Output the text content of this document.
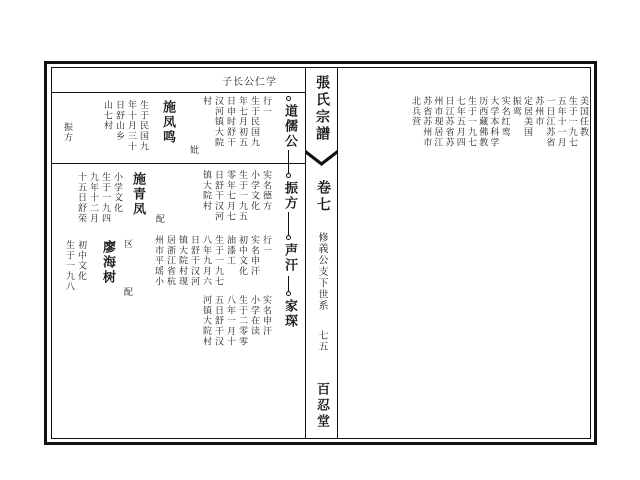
子长公仁学	張氏宗譜
卷七
修義公支下世系
七五
百忍堂
美国任教
生于一九七
五年十一月
一日江苏省
苏州市
定居美国
振鸾
实名红鸾
大学本科学
历西藏佛教
生于一九七
七年五月四
日江苏省苏
州市现居江
苏省苏州市
北兵营
道儒公
振方
声汗
家琛
行一
生于民国九
年七月初五
日申时舒干
汉河镇大院
村
妣
施凤鸣
生于民国九
年十月三十
日舒山乡
山七村
振方
实名德方
小学文化
生于一九五
零年七月七
日舒干汉河
镇大院村
配
施青凤
小学文化
生于一九四
九年十二月
十五日舒荣
区	行一
实名申汗
初中文化
油漆工
生于一九七
八年九月六
日舒干汉河
镇大院村现
居浙江省杭
州市平瑶小
配
廖海树
初中文化
生于一九八
实名申汗
小学在读
生于二零零
八年一月十
五日舒干汉
河镇大院村
